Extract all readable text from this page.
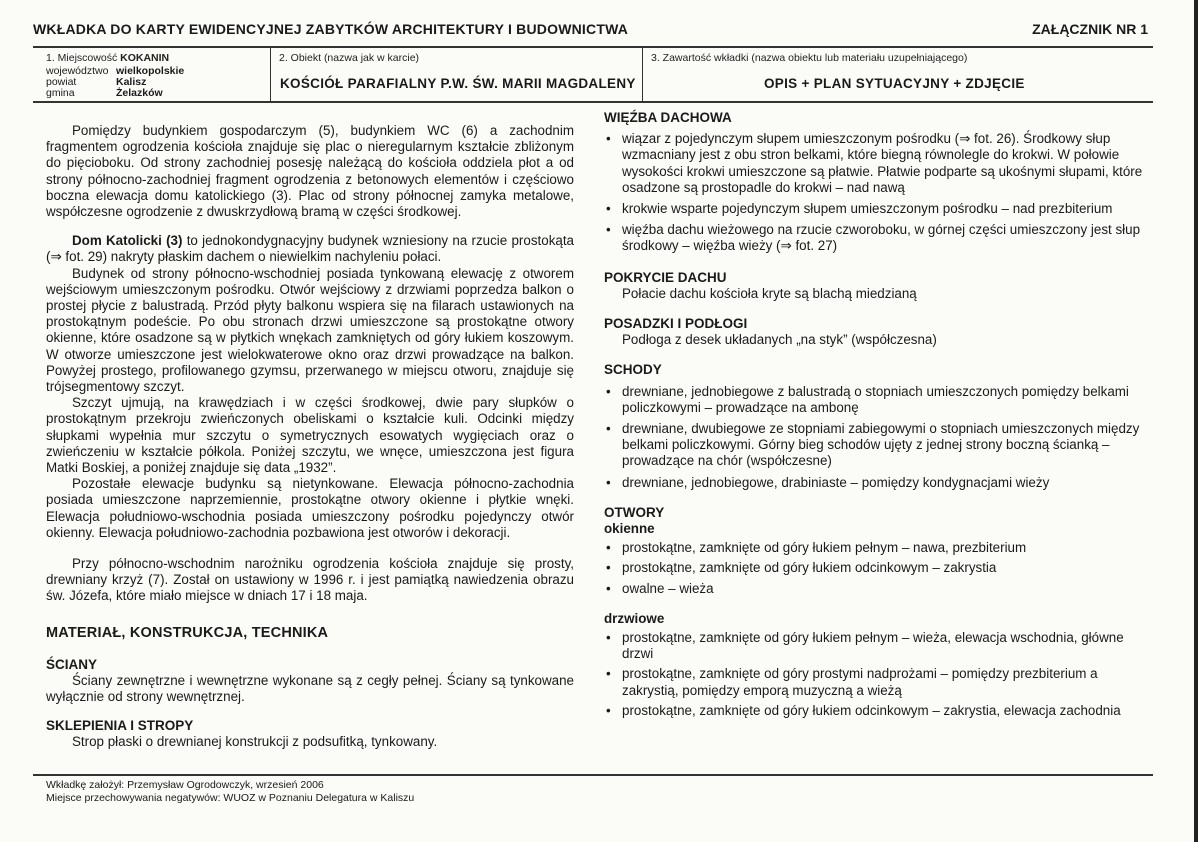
WKŁADKA DO KARTY EWIDENCYJNEJ ZABYTKÓW ARCHITEKTURY I BUDOWNICTWA	ZAŁĄCZNIK NR 1
1. Miejscowość KOKANIN
województwo wielkopolskie
powiat	Kalisz
gmina	Żelazków
2. Obiekt (nazwa jak w karcie)
KOŚCIÓŁ PARAFIALNY P.W. ŚW. MARII MAGDALENY
3. Zawartość wkładki (nazwa obiektu lub materiału uzupełniającego)
OPIS + PLAN SYTUACYJNY + ZDJĘCIE

Pomiędzy budynkiem gospodarczym (5), budynkiem WC (6) a zachodnim fragmentem ogrodzenia kościoła znajduje się plac o nieregularnym kształcie zbliżonym do pięcioboku. Od strony zachodniej posesję należącą do kościoła oddziela płot a od strony północno-zachodniej fragment ogrodzenia z betonowych elementów i częściowo boczna elewacja domu katolickiego (3). Plac od strony północnej zamyka metalowe, współczesne ogrodzenie z dwuskrzydłową bramą w części środkowej.

Dom Katolicki (3) to jednokondygnacyjny budynek wzniesiony na rzucie prostokąta (⇒ fot. 29) nakryty płaskim dachem o niewielkim nachyleniu połaci.

Budynek od strony północno-wschodniej posiada tynkowaną elewację z otworem wejściowym umieszczonym pośrodku. Otwór wejściowy z drzwiami poprzedza balkon o prostej płycie z balustradą. Przód płyty balkonu wspiera się na filarach ustawionych na prostokątnym podeście. Po obu stronach drzwi umieszczone są prostokątne otwory okienne, które osadzone są w płytkich wnękach zamkniętych od góry łukiem koszowym. W otworze umieszczone jest wielokwaterowe okno oraz drzwi prowadzące na balkon. Powyżej prostego, profilowanego gzymsu, przerwanego w miejscu otworu, znajduje się trójsegmentowy szczyt.

Szczyt ujmują, na krawędziach i w części środkowej, dwie pary słupków o prostokątnym przekroju zwieńczonych obeliskami o kształcie kuli. Odcinki między słupkami wypełnia mur szczytu o symetrycznych esowatych wygięciach oraz o zwieńczeniu w kształcie półkola. Poniżej szczytu, we wnęce, umieszczona jest figura Matki Boskiej, a poniżej znajduje się data „1932”.

Pozostałe elewacje budynku są nietynkowane. Elewacja północno-zachodnia posiada umieszczone naprzemiennie, prostokątne otwory okienne i płytkie wnęki. Elewacja południowo-wschodnia posiada umieszczony pośrodku pojedynczy otwór okienny. Elewacja południowo-zachodnia pozbawiona jest otworów i dekoracji.

Przy północno-wschodnim narożniku ogrodzenia kościoła znajduje się prosty, drewniany krzyż (7). Został on ustawiony w 1996 r. i jest pamiątką nawiedzenia obrazu św. Józefa, które miało miejsce w dniach 17 i 18 maja.

MATERIAŁ, KONSTRUKCJA, TECHNIKA
ŚCIANY

Ściany zewnętrzne i wewnętrzne wykonane są z cegły pełnej. Ściany są tynkowane wyłącznie od strony wewnętrznej.

SKLEPIENIA I STROPY

Strop płaski o drewnianej konstrukcji z podsufitką, tynkowany.

WIĘŹBA DACHOWA
• wiązar z pojedynczym słupem umieszczonym pośrodku (⇒ fot. 26). Środkowy słup wzmacniany jest z obu stron belkami, które biegną równolegle do krokwi. W połowie wysokości krokwi umieszczone są płatwie. Płatwie podparte są ukośnymi słupami, które osadzone są prostopadle do krokwi – nad nawą
• krokwie wsparte pojedynczym słupem umieszczonym pośrodku – nad prezbiterium
• więźba dachu wieżowego na rzucie czworoboku, w górnej części umieszczony jest słup środkowy – więźba wieży (⇒ fot. 27)
POKRYCIE DACHU
Połacie dachu kościoła kryte są blachą miedzianą
POSADZKI I PODŁOGI
Podłoga z desek układanych „na styk” (współczesna)
SCHODY
• drewniane, jednobiegowe z balustradą o stopniach umieszczonych pomiędzy belkami policzkowymi – prowadzące na ambonę
• drewniane, dwubiegowe ze stopniami zabiegowymi o stopniach umieszczonych między belkami policzkowymi. Górny bieg schodów ujęty z jednej strony boczną ścianką – prowadzące na chór (współczesne)
• drewniane, jednobiegowe, drabiniaste – pomiędzy kondygnacjami wieży
OTWORY
okienne
• prostokątne, zamknięte od góry łukiem pełnym – nawa, prezbiterium
• prostokątne, zamknięte od góry łukiem odcinkowym – zakrystia
• owalne – wieża
drzwiowe
• prostokątne, zamknięte od góry łukiem pełnym – wieża, elewacja wschodnia, główne drzwi
• prostokątne, zamknięte od góry prostymi nadprożami – pomiędzy prezbiterium a zakrystią, pomiędzy emporą muzyczną a wieżą
• prostokątne, zamknięte od góry łukiem odcinkowym – zakrystia, elewacja zachodnia
Wkładkę założył: Przemysław Ogrodowczyk, wrzesień 2006
Miejsce przechowywania negatywów: WUOZ w Poznaniu Delegatura w Kaliszu
